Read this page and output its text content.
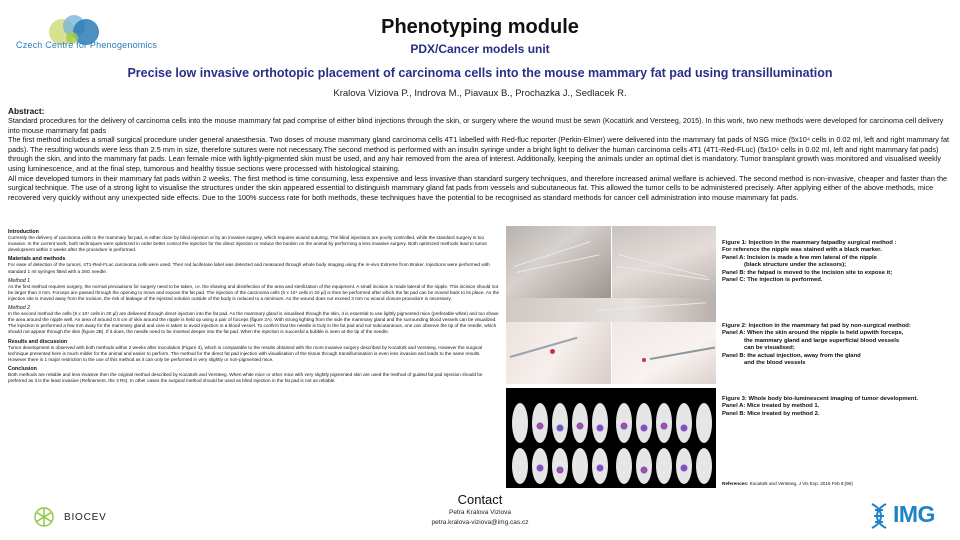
Czech Centre for Phenogenomics
Phenotyping module
PDX/Cancer models unit
Precise low invasive orthotopic placement of carcinoma cells into the mouse mammary fat pad using transillumination
Kralova Viziova P., Indrova M., Piavaux B., Prochazka J., Sedlacek R.
Abstract:

Standard procedures for the delivery of carcinoma cells into the mouse mammary fat pad comprise of either blind injections through the skin, or surgery where the wound must be sewn (Kocatürk and Versteeg, 2015). In this work, two new methods were developed for carcinoma cell delivery into mouse mammary fat pads

The first method includes a small surgical procedure under general anaesthesia. Two doses of mouse mammary gland carcinoma cells 4T1 labelled with Red-fluc reporter (Perkin-Elmer) were delivered into the mammary fat pads of NSG mice (5x10⁴ cells in 0.02 ml, left and right mammary fat pads). The resulting wounds were less than 2.5 mm in size, therefore sutures were not necessary.The second method is performed with an insulin syringe under a bright light to deliver the human carcinoma cells 4T1 (4T1-Red-FLuc) (5x10⁴ cells in 0.02 ml, left and right mammary fat pads) through the skin, and into the mammary fat pads. Lean female mice with lightly-pigmented skin must be used, and any hair removed from the area of interest. Additionally, keeping the animals under an optimal diet is mandatory. Tumor transplant growth was monitored and visualised weekly using luminescence, and at the final step, tumorous and healthy tissue sections were processed with histological staining.

All mice developed tumors in their mammary fat pads within 2 weeks. The first method is time consuming, less expensive and less invasive than standard surgery techniques, and therefore increased animal welfare is achieved. The second method is non-invasive, cheaper and faster than the surgical technique. The use of a strong light to visualise the structures under the skin appeared essential to distinguish mammary gland fat pads from vessels and subcutaneous fat. This allowed the tumor cells to be administered precisely. After applying either of the above methods, mice recovered very quickly without any unexpected side effects. Due to the 100% success rate for both methods, these techniques have the potential to be recognised as standard methods for cancer cell administration into mouse mammary fat pads.

Introduction

Currently the delivery of carcinoma cells to the mammary fat pad, is either done by blind injection or by an invasive surgery, which requires wound suturing. The blind injections are poorly controlled, while the standard surgery is too invasive. In the current work, both techniques were optimized in order better control the injection for the direct injection or reduce the burden on the animal by performing a less invasive surgery. Both optimized methods lead to tumor development within 2 weeks after the procedure is performed.

Materials and methods

For ease of detection of the tumors, 4T1-Red-FLuc carcinoma cells were used. Their red luciferase label was detected and measured through whole body imaging using the in-vivo Extreme from Bruker. Injections were performed with standard 1 ml syringes fitted with a 26G needle.

Method 1

As the first method requires surgery, the normal precautions for surgery need to be taken, i.e. the shaving and disinfection of the area and sterilization of the equipment. A small incision is made lateral of the nipple. This incision should not be larger than 3 mm. Forceps are passed through the opening to move and expose the fat pad. The injection of the carcinoma cells (5 x 10⁴ cells in 20 µl) is then be performed after which the fat pad can be moved back to its place. As the injection site is moved away from the incision, the risk of leakage of the injected solution outside of the body is reduced to a minimum. As the wound does not exceed 3 mm no wound closure procedure is necessary.

Method 2

In the second method the cells (5 x 10⁴ cells in 20 µl) are delivered through direct injection into the fat pad. As the mammary gland is visualised through the skin, it is essential to use lightly pigmented mice (preferable white) and too shave the area around the nipple well. An area of around 0.5 cm of skin around the nipple is held up using a pair of forceps (figure 2A). With strong lighting from the side the mammary gland and the surrounding blood vessels can be visualized. The injection is performed a few mm away for the mammary gland and care is taken to avoid injection in a blood vessel. To confirm that the needle is truly in the fat pad and not subcutaneous, one can observe the tip of the needle, which should not appear through the skin (figure 2B). If it does, the needle need to be inserted deeper into the fat pad. When the injection is succesful a bubble is seen at the tip of the needle.

Results and discussion

Tumor development is observed with both methods within 2 weeks after inoculation (Figure 3), which is comparable to the results obtained with the more invasive surgery described by Kocatürk and Versteeg. However the surgical technique presented here is much milder for the animal and easier to perform. The method for the direct fat pad injection with visualisation of the tissue through transillumination is even less invasive and leads to the same results. However there is 1 major restriction to the use of this method as it can only be performed in very slightly or non-pigmented mice.

Conclusion

Both methods are reliable and less invasive then the original method described by Kocatürk and Versteeg. When white mice or other mice with very slightly pigmented skin are used the method of guided fat pad injection should be preferred as it is the least invasive (Refinement, the 3 Rs). In other cases the surgical method should be used as blind injection in the fat pad is not as reliable.

Figure 1: Injection in the mammary fatpadby surgical method :
For reference the nipple was stained with a black marker.
Panel A: Incision is made a few mm lateral of the nipple
(black structure under the scissors);
Panel B: the fatpad is moved to the incision site to expose it;
Panel C: The injection is performed.
Figure 2: Injection in the mammary fat pad by non-surgical method:
Panel A: When the skin around the nipple is held upwith forceps,
the mammary gland and large superficial blood vessels
can be visualised;
Panel B: the actual injection, away from the gland
and the blood vessels
Figure 3: Whole body bio-luminescent imaging of tumor development.
Panel A: Mice treated by method 1.
Panel B: Mice treated by method 2.
References: Kocatürk and Versteeg, J Vis Exp. 2015 Feb 8;(96)
Contact
Petra Kralova Viziova
petra.kralova-viziova@img.cas.cz
BIOCEV	IMG
